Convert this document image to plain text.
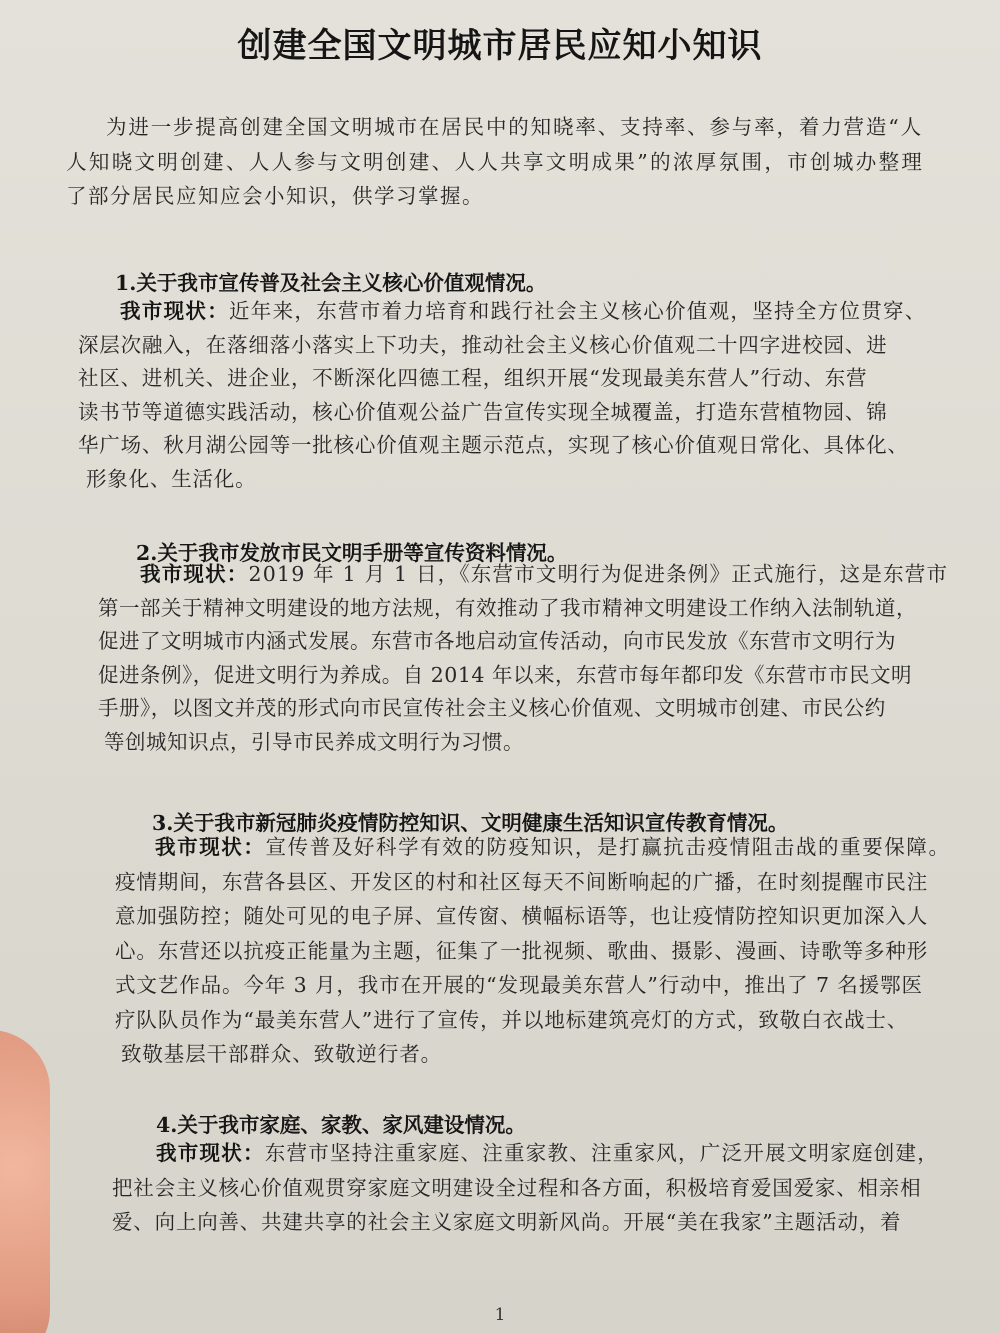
创建全国文明城市居民应知小知识
为进一步提高创建全国文明城市在居民中的知晓率、支持率、参与率，着力营造“人
人知晓文明创建、人人参与文明创建、人人共享文明成果”的浓厚氛围，市创城办整理
了部分居民应知应会小知识，供学习掌握。
1.关于我市宣传普及社会主义核心价值观情况。
我市现状：近年来，东营市着力培育和践行社会主义核心价值观，坚持全方位贯穿、
深层次融入，在落细落小落实上下功夫，推动社会主义核心价值观二十四字进校园、进
社区、进机关、进企业，不断深化四德工程，组织开展“发现最美东营人”行动、东营
读书节等道德实践活动，核心价值观公益广告宣传实现全城覆盖，打造东营植物园、锦
华广场、秋月湖公园等一批核心价值观主题示范点，实现了核心价值观日常化、具体化、
形象化、生活化。
2.关于我市发放市民文明手册等宣传资料情况。
我市现状：2019 年 1 月 1 日，《东营市文明行为促进条例》正式施行，这是东营市
第一部关于精神文明建设的地方法规，有效推动了我市精神文明建设工作纳入法制轨道，
促进了文明城市内涵式发展。东营市各地启动宣传活动，向市民发放《东营市文明行为
促进条例》，促进文明行为养成。自 2014 年以来，东营市每年都印发《东营市市民文明
手册》，以图文并茂的形式向市民宣传社会主义核心价值观、文明城市创建、市民公约
等创城知识点，引导市民养成文明行为习惯。
3.关于我市新冠肺炎疫情防控知识、文明健康生活知识宣传教育情况。
我市现状：宣传普及好科学有效的防疫知识，是打赢抗击疫情阻击战的重要保障。
疫情期间，东营各县区、开发区的村和社区每天不间断响起的广播，在时刻提醒市民注
意加强防控；随处可见的电子屏、宣传窗、横幅标语等，也让疫情防控知识更加深入人
心。东营还以抗疫正能量为主题，征集了一批视频、歌曲、摄影、漫画、诗歌等多种形
式文艺作品。今年 3 月，我市在开展的“发现最美东营人”行动中，推出了 7 名援鄂医
疗队队员作为“最美东营人”进行了宣传，并以地标建筑亮灯的方式，致敬白衣战士、
致敬基层干部群众、致敬逆行者。
4.关于我市家庭、家教、家风建设情况。
我市现状：东营市坚持注重家庭、注重家教、注重家风，广泛开展文明家庭创建，
把社会主义核心价值观贯穿家庭文明建设全过程和各方面，积极培育爱国爱家、相亲相
爱、向上向善、共建共享的社会主义家庭文明新风尚。开展“美在我家”主题活动，着
1
